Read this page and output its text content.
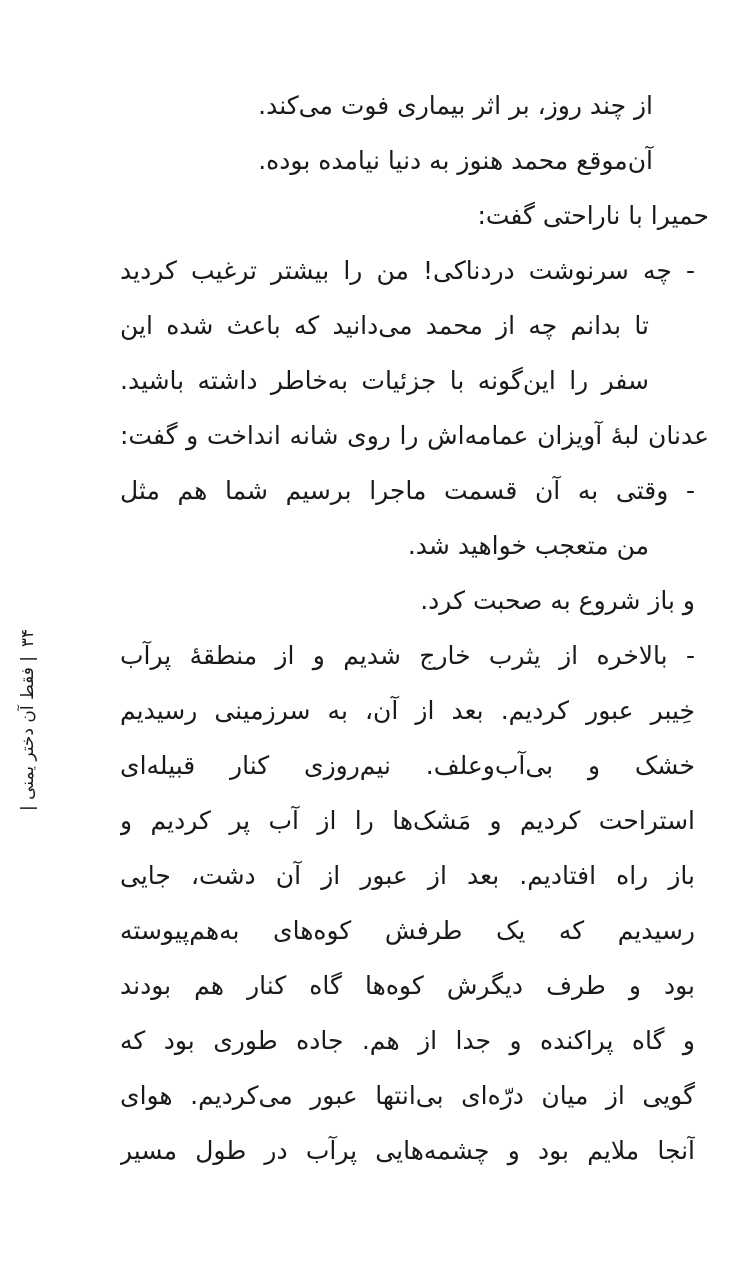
از چند روز، بر اثر بیماری فوت می‌کند.
آن‌موقع محمد هنوز به دنیا نیامده بوده.
حمیرا با ناراحتی گفت:
- چه سرنوشت دردناکی! من را بیشتر ترغیب کردید
تا بدانم چه از محمد می‌دانید که باعث شده این
سفر را این‌گونه با جزئیات به‌خاطر داشته باشید.
عدنان لبهٔ آویزان عمامه‌اش را روی شانه انداخت و گفت:
- وقتی به آن قسمت ماجرا برسیم شما هم مثل
من متعجب خواهید شد.
و باز شروع به صحبت کرد.
- بالاخره از یثرب خارج شدیم و از منطقهٔ پرآب
خِیبر عبور کردیم. بعد از آن، به سرزمینی رسیدیم
خشک و بی‌آب‌وعلف. نیم‌روزی کنار قبیله‌ای
استراحت کردیم و مَشک‌ها را از آب پر کردیم و
باز راه افتادیم. بعد از عبور از آن دشت، جایی
رسیدیم که یک طرفش کوه‌های به‌هم‌پیوسته
بود و طرف دیگرش کوه‌ها گاه کنار هم بودند
و گاه پراکنده و جدا از هم. جاده طوری بود که
گویی از میان درّه‌ای بی‌انتها عبور می‌کردیم. هوای
آنجا ملایم بود و چشمه‌هایی پرآب در طول مسیر
۳۴
| فقط آن دختر یمنی |
